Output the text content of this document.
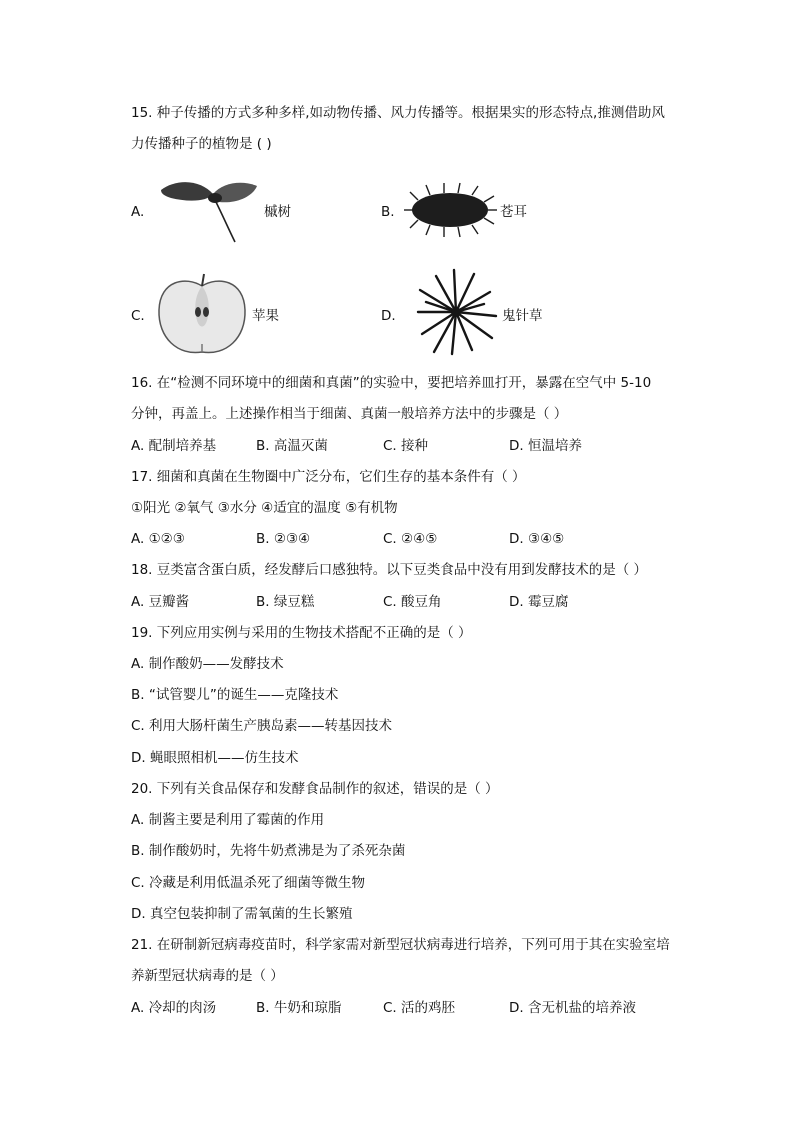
15. 种子传播的方式多种多样,如动物传播、风力传播等。根据果实的形态特点,推测借助风
力传播种子的植物是 ( )
A.	槭树	B.	苍耳
C.	苹果	D.	鬼针草
16. 在“检测不同环境中的细菌和真菌”的实验中，要把培养皿打开，暴露在空气中 5-10
分钟，再盖上。上述操作相当于细菌、真菌一般培养方法中的步骤是（ ）
A. 配制培养基	B. 高温灭菌	C. 接种	D. 恒温培养
17. 细菌和真菌在生物圈中广泛分布，它们生存的基本条件有（ ）
①阳光 ②氧气 ③水分 ④适宜的温度 ⑤有机物
A. ①②③	B. ②③④	C. ②④⑤	D. ③④⑤
18. 豆类富含蛋白质，经发酵后口感独特。以下豆类食品中没有用到发酵技术的是（ ）
A. 豆瓣酱	B. 绿豆糕	C. 酸豆角	D. 霉豆腐
19. 下列应用实例与采用的生物技术搭配不正确的是（ ）
A. 制作酸奶——发酵技术
B. “试管婴儿”的诞生——克隆技术
C. 利用大肠杆菌生产胰岛素——转基因技术
D. 蝇眼照相机——仿生技术
20. 下列有关食品保存和发酵食品制作的叙述，错误的是（ ）
A. 制酱主要是利用了霉菌的作用
B. 制作酸奶时，先将牛奶煮沸是为了杀死杂菌
C. 冷藏是利用低温杀死了细菌等微生物
D. 真空包装抑制了需氧菌的生长繁殖
21. 在研制新冠病毒疫苗时，科学家需对新型冠状病毒进行培养，下列可用于其在实验室培
养新型冠状病毒的是（ ）
A. 冷却的肉汤	B. 牛奶和琼脂	C. 活的鸡胚	D. 含无机盐的培养液
